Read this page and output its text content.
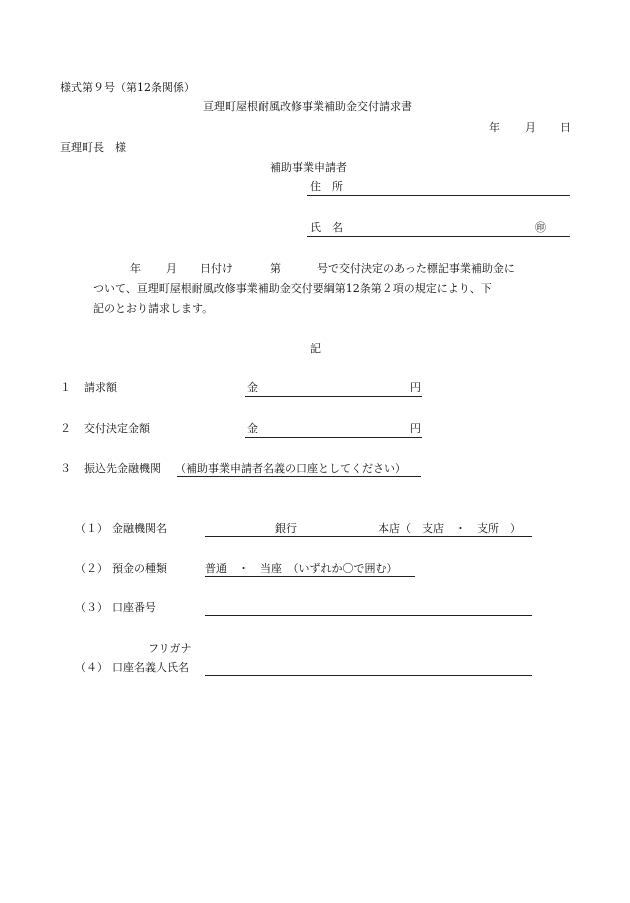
様式第９号（第12条関係）
亘理町屋根耐風改修事業補助金交付請求書
年 月 日
亘理町長　様
補助事業申請者
住　所
氏　名	㊞
年 月 日付け	第	号で交付決定のあった標記事業補助金に
ついて、亘理町屋根耐風改修事業補助金交付要綱第12条第２項の規定により、下
記のとおり請求します。
記
１ 請求額	金	円
２ 交付決定金額	金	円
３ 振込先金融機関 （補助事業申請者名義の口座としてください）
（１） 金融機関名	銀行	本店（　支店　・　支所　）
（２） 預金の種類	普通　・　当座　（いずれか〇で囲む）
（３） 口座番号
フリガナ
（４） 口座名義人氏名
